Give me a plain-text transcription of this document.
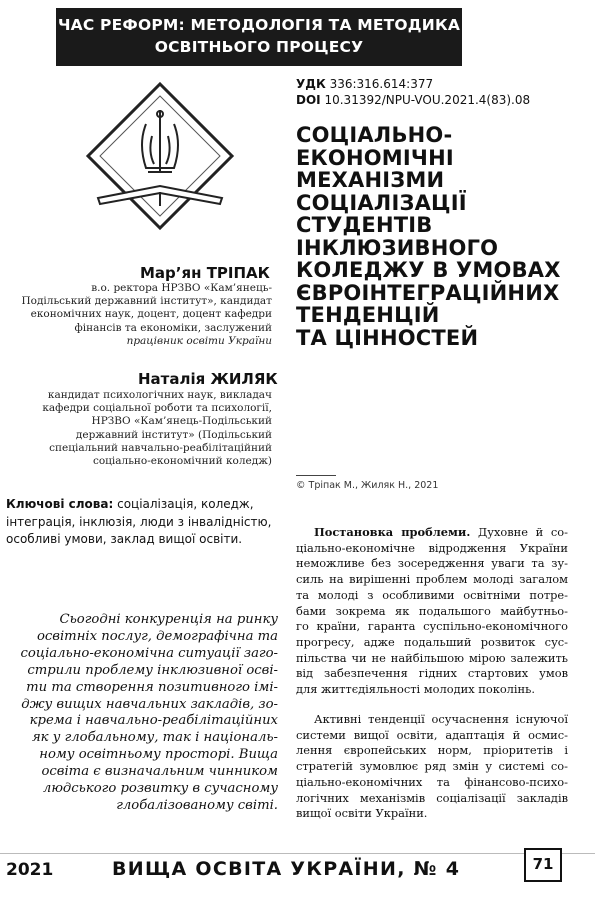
ЧАС РЕФОРМ: МЕТОДОЛОГІЯ ТА МЕТОДИКА
ОСВІТНЬОГО ПРОЦЕСУ
УДК 336:316.614:377
DOI 10.31392/NPU-VOU.2021.4(83).08
СОЦІАЛЬНО-
ЕКОНОМІЧНІ
МЕХАНІЗМИ
СОЦІАЛІЗАЦІЇ
СТУДЕНТІВ
ІНКЛЮЗИВНОГО
КОЛЕДЖУ В УМОВАХ
ЄВРОІНТЕГРАЦІЙНИХ
ТЕНДЕНЦІЙ
ТА ЦІННОСТЕЙ
Мар’ян ТРІПАК
в.о. ректора НРЗВО «Кам’янець-
Подільський державний інститут», кандидат
економічних наук, доцент, доцент кафедри
фінансів та економіки, заслужений
працівник освіти України
Наталія ЖИЛЯК
кандидат психологічних наук, викладач
кафедри соціальної роботи та психології,
НРЗВО «Кам’янець-Подільський
державний інститут» (Подільський
спеціальний навчально-реабілітаційний
соціально-економічний коледж)
© Тріпак М., Жиляк Н., 2021
Ключові слова: соціалізація, коледж, інтеграція, інклюзія, люди з інвалідністю, особливі умови, заклад вищої освіти.
Сьогодні конкуренція на ринку
освітніх послуг, демографічна та
соціально-економічна ситуації заго-
стрили проблему інклюзивної осві-
ти та створення позитивного імі-
джу вищих навчальних закладів, зо-
крема і навчально-реабілітаційних
як у глобальному, так і національ-
ному освітньому просторі. Вища
освіта є визначальним чинником
людського розвитку в сучасному
глобалізованому світі.
Постановка проблеми. Духовне й со-
ціально-економічне відродження України
неможливе без зосередження уваги та зу-
силь на вирішенні проблем молоді загалом
та молоді з особливими освітніми потре-
бами зокрема як подальшого майбутньо-
го країни, гаранта суспільно-економічного
прогресу, адже подальший розвиток сус-
пільства чи не найбільшою мірою залежить
від забезпечення гідних стартових умов
для життєдіяльності молодих поколінь.
Активні тенденції осучаснення існуючої
системи вищої освіти, адаптація й осмис-
лення європейських норм, пріоритетів і
стратегій зумовлює ряд змін у системі со-
ціально-економічних та фінансово-психо-
логічних механізмів соціалізації закладів
вищої освіти України.
2021	ВИЩА ОСВІТА УКРАЇНИ, № 4	71
